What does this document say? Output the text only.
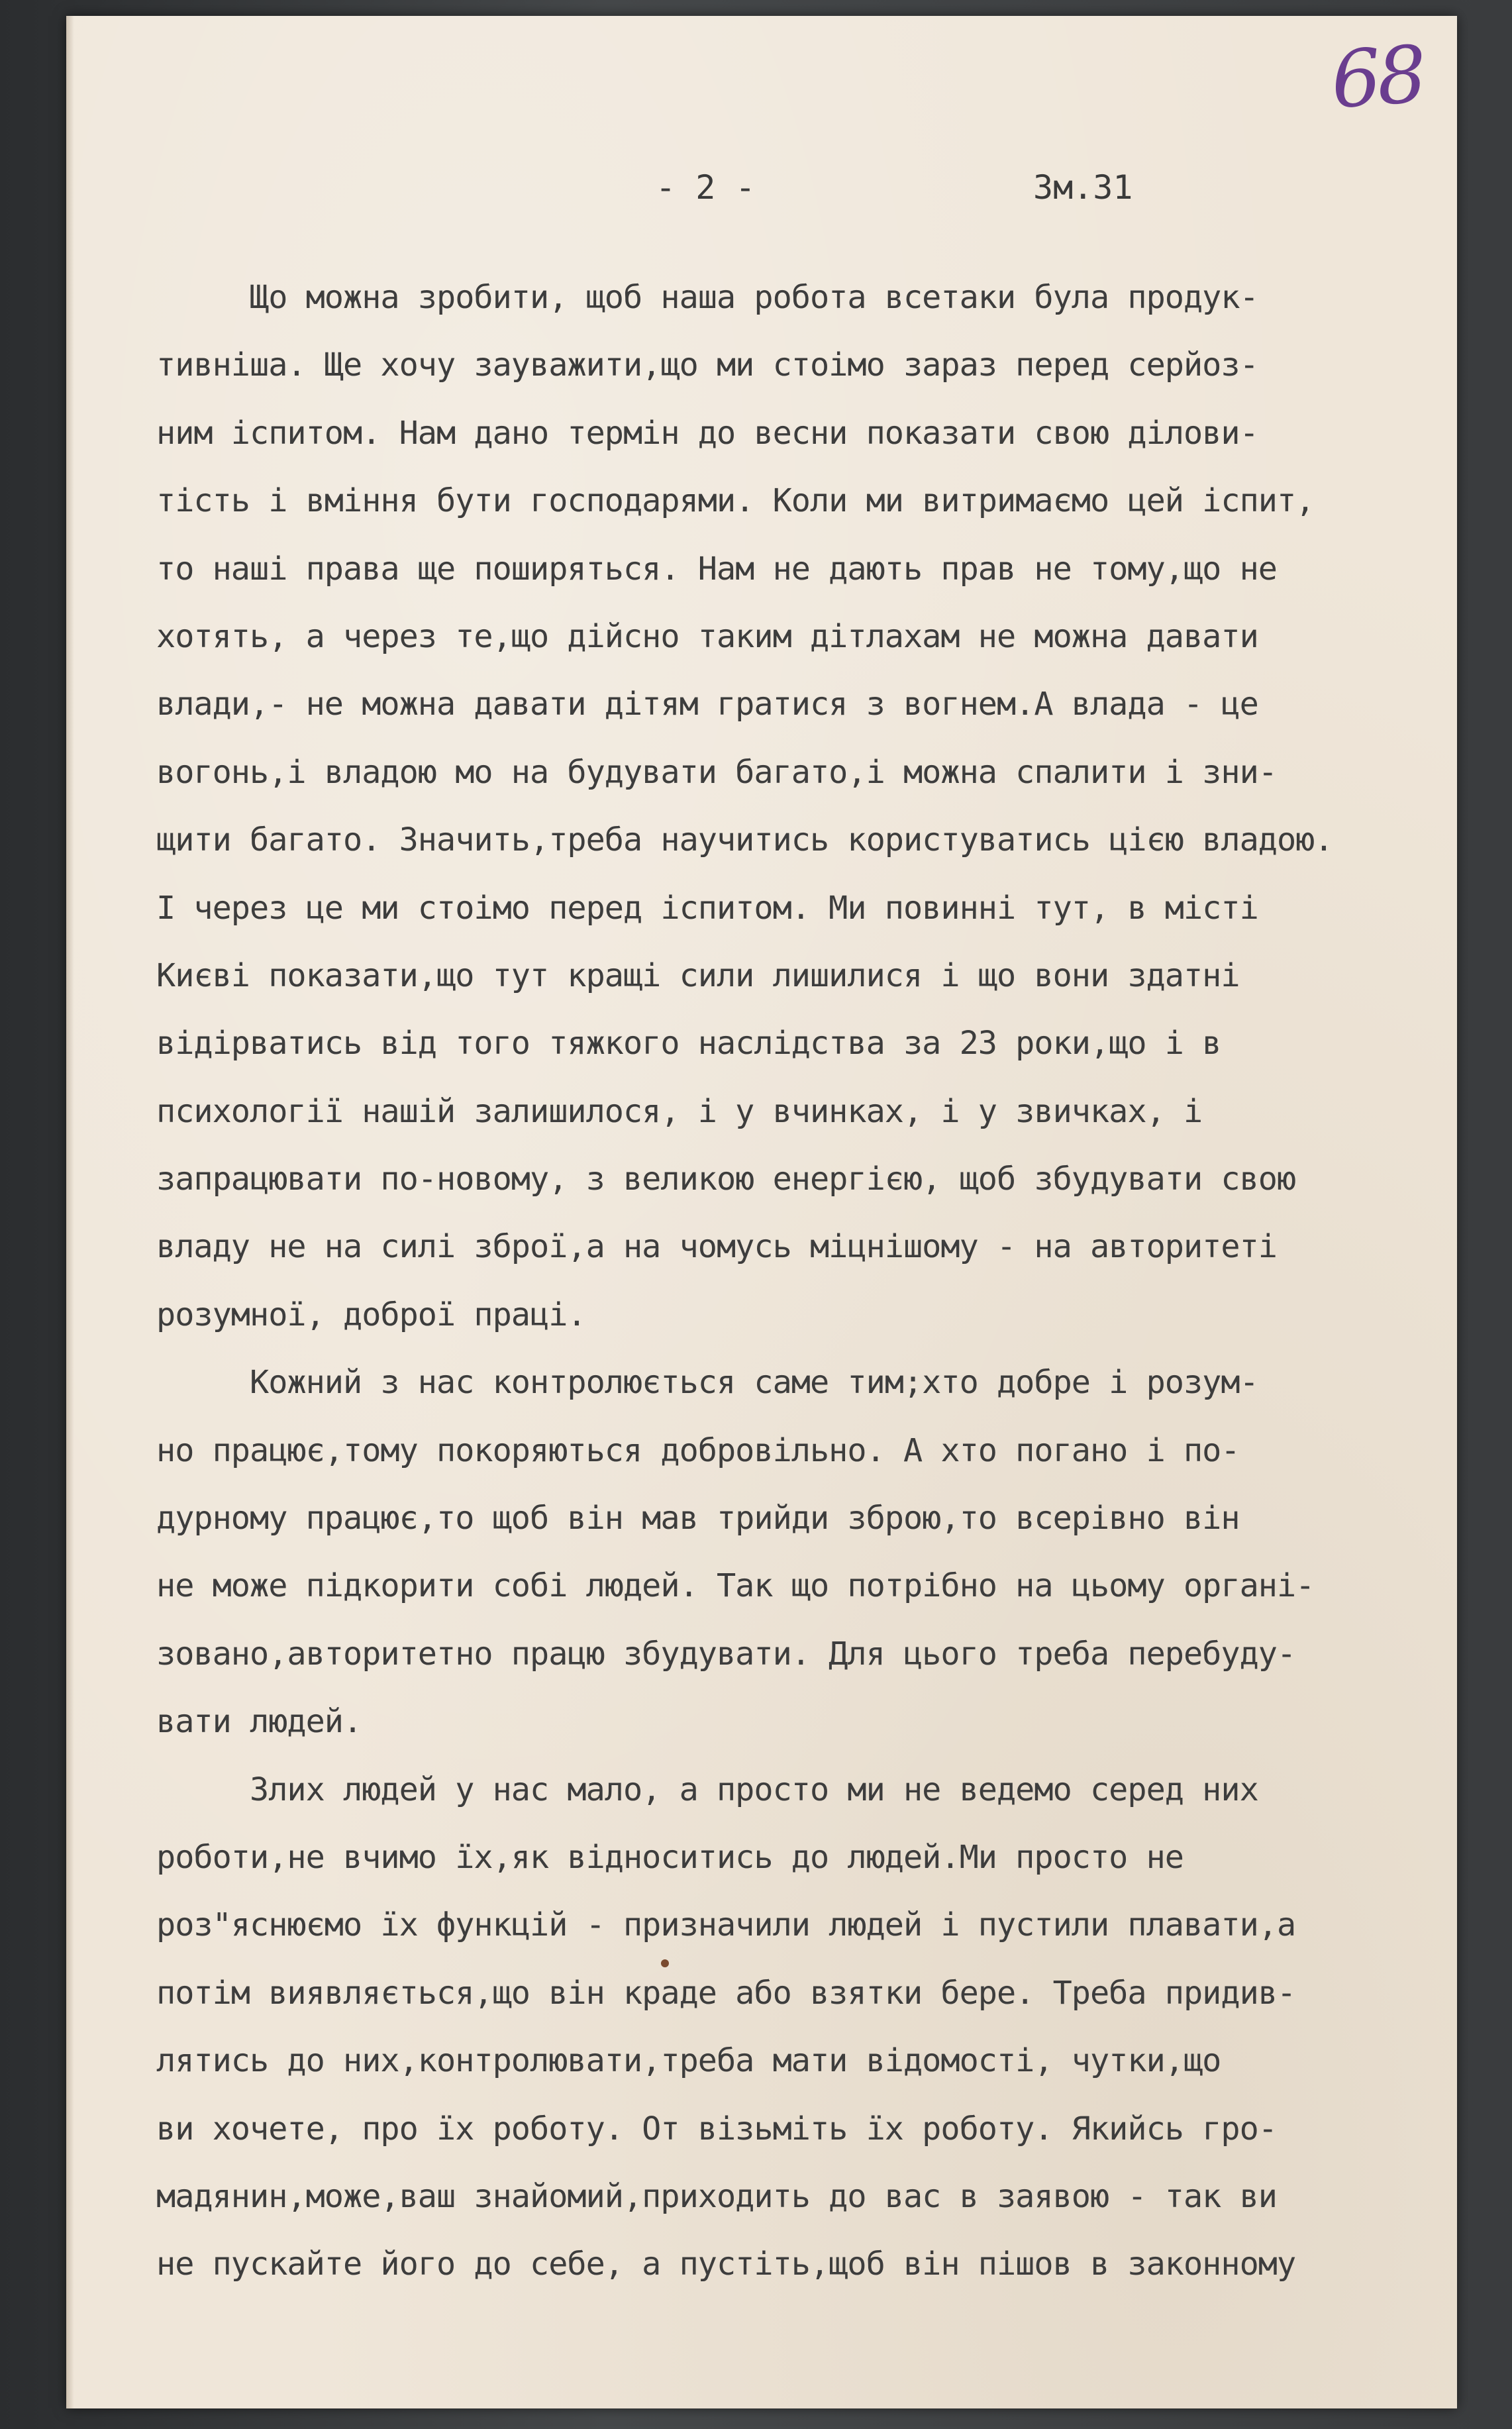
68
- 2 -	Зм.31
Що можна зробити, щоб наша робота всетаки була продук-
тивніша. Ще хочу зауважити,що ми стоімо зараз перед серйоз-
ним іспитом. Нам дано термін до весни показати свою ділови-
тість і вміння бути господарями. Коли ми витримаємо цей іспит,
то наші права ще поширяться. Нам не дають прав не тому,що не
хотять, а через те,що дійсно таким дітлахам не можна давати
влади,- не можна давати дітям гратися з вогнем.А влада - це
вогонь,і владою мо на будувати багато,і можна спалити і зни-
щити багато. Значить,треба научитись користуватись цією владою.
І через це ми стоімо перед іспитом. Ми повинні тут, в місті
Києві показати,що тут кращі сили лишилися і що вони здатні
відірватись від того тяжкого наслідства за 23 роки,що і в
психології нашій залишилося, і у вчинках, і у звичках, і
запрацювати по-новому, з великою енергією, щоб збудувати свою
владу не на силі зброї,а на чомусь міцнішому - на авторитеті
розумної, доброї праці.
Кожний з нас контролюється саме тим;хто добре і розум-
но працює,тому покоряються добровільно. А хто погано і по-
дурному працює,то щоб він мав трийди зброю,то всерівно він
не може підкорити собі людей. Так що потрібно на цьому органі-
зовано,авторитетно працю збудувати. Для цього треба перебуду-
вати людей.
Злих людей у нас мало, а просто ми не ведемо серед них
роботи,не вчимо їх,як відноситись до людей.Ми просто не
роз"яснюємо їх функцій - призначили людей і пустили плавати,а
потім виявляється,що він краде або взятки бере. Треба придив-
лятись до них,контролювати,треба мати відомості, чутки,що
ви хочете, про їх роботу. От візьміть їх роботу. Якийсь гро-
мадянин,може,ваш знайомий,приходить до вас в заявою - так ви
не пускайте його до себе, а пустіть,щоб він пішов в законному
